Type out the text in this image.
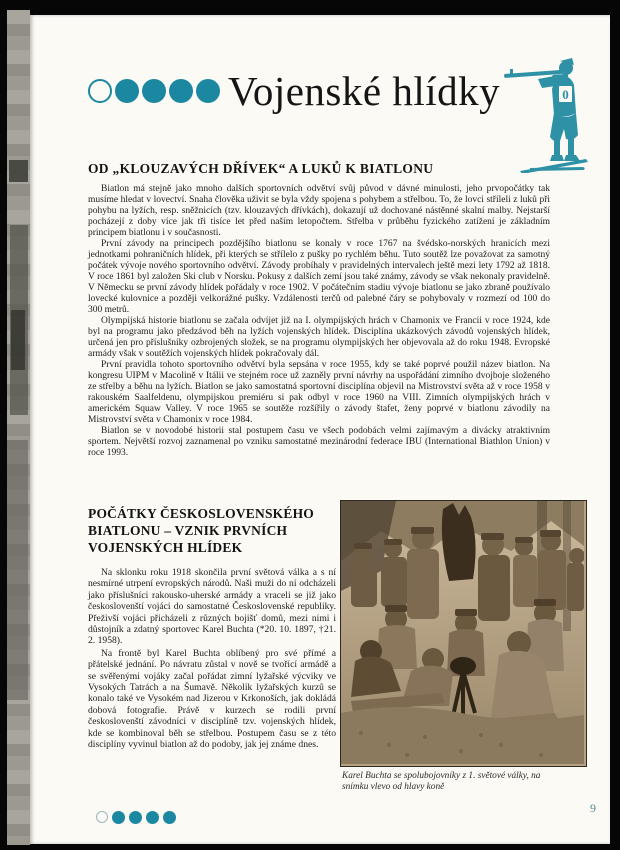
Vojenské hlídky	0
OD „KLOUZAVÝCH DŘÍVEK“ A LUKŮ K BIATLONU

Biatlon má stejně jako mnoho dalších sportovních odvětví svůj původ v dávné minulosti, jeho prvopočátky tak musíme hledat v lovectví. Snaha člověka uživit se byla vždy spojena s pohybem a střelbou. To, že lovci stříleli z luků při pohybu na lyžích, resp. sněžnicích (tzv. klouzavých dřívkách), dokazují už dochované nástěnné skalní malby. Nejstarší pocházejí z doby více jak tři tisíce let před naším letopočtem. Střelba v průběhu fyzického zatížení je základním principem biatlonu i v současnosti.

První závody na principech pozdějšího biatlonu se konaly v roce 1767 na švédsko-norských hranicích mezi jednotkami pohraničních hlídek, při kterých se střílelo z pušky po rychlém běhu. Tuto soutěž lze považovat za samotný počátek vývoje nového sportovního odvětví. Závody probíhaly v pravidelných intervalech ještě mezi lety 1792 až 1818. V roce 1861 byl založen Ski club v Norsku. Pokusy z dalších zemí jsou také známy, závody se však nekonaly pravidelně. V Německu se první závody hlídek pořádaly v roce 1902. V počátečním stadiu vývoje biatlonu se jako zbraně používalo lovecké kulovnice a později velkorážné pušky. Vzdálenosti terčů od palebné čáry se pohybovaly v rozmezí od 100 do 300 metrů.

Olympijská historie biatlonu se začala odvíjet již na I. olympijských hrách v Chamonix ve Francii v roce 1924, kde byl na programu jako předzávod běh na lyžích vojenských hlídek. Disciplína ukázkových závodů vojenských hlídek, určená jen pro příslušníky ozbrojených složek, se na programu olympijských her objevovala až do roku 1948. Evropské armády však v soutěžích vojenských hlídek pokračovaly dál.

První pravidla tohoto sportovního odvětví byla sepsána v roce 1955, kdy se také poprvé použil název biatlon. Na kongresu UIPM v Macolině v Itálii ve stejném roce už zazněly první návrhy na uspořádání zimního dvojboje složeného ze střelby a běhu na lyžích. Biatlon se jako samostatná sportovní disciplína objevil na Mistrovství světa až v roce 1958 v rakouském Saalfeldenu, olympijskou premiéru si pak odbyl v roce 1960 na VIII. Zimních olympijských hrách v americkém Squaw Valley. V roce 1965 se soutěže rozšířily o závody štafet, ženy poprvé v biatlonu závodily na Mistrovství světa v Chamonix v roce 1984.

Biatlon se v novodobé historii stal postupem času ve všech podobách velmi zajímavým a divácky atraktivním sportem. Největší rozvoj zaznamenal po vzniku samostatné mezinárodní federace IBU (International Biathlon Union) v roce 1993.

POČÁTKY ČESKOSLOVENSKÉHO BIATLONU – VZNIK PRVNÍCH VOJENSKÝCH HLÍDEK

Na sklonku roku 1918 skončila první světová válka a s ní nesmírné utrpení evropských národů. Naši muži do ní odcházeli jako příslušníci rakousko-uherské armády a vraceli se již jako českoslovenští vojáci do samostatné Československé republiky. Přeživší vojáci přicházeli z různých bojišť domů, mezi nimi i důstojník a zdatný sportovec Karel Buchta (*20. 10. 1897, †21. 2. 1958).

Na frontě byl Karel Buchta oblíbený pro své přímé a přátelské jednání. Po návratu zůstal v nově se tvořící armádě a se svěřenými vojáky začal pořádat zimní lyžařské výcviky ve Vysokých Tatrách a na Šumavě. Několik lyžařských kurzů se konalo také ve Vysokém nad Jizerou v Krkonoších, jak dokládá dobová fotografie. Právě v kurzech se rodili první českoslovenští závodníci v disciplíně tzv. vojenských hlídek, kde se kombinoval běh se střelbou. Postupem času se z této disciplíny vyvinul biatlon až do podoby, jak jej známe dnes.

Karel Buchta se spolubojovníky z 1. světové války, na snímku vlevo od hlavy koně
9
